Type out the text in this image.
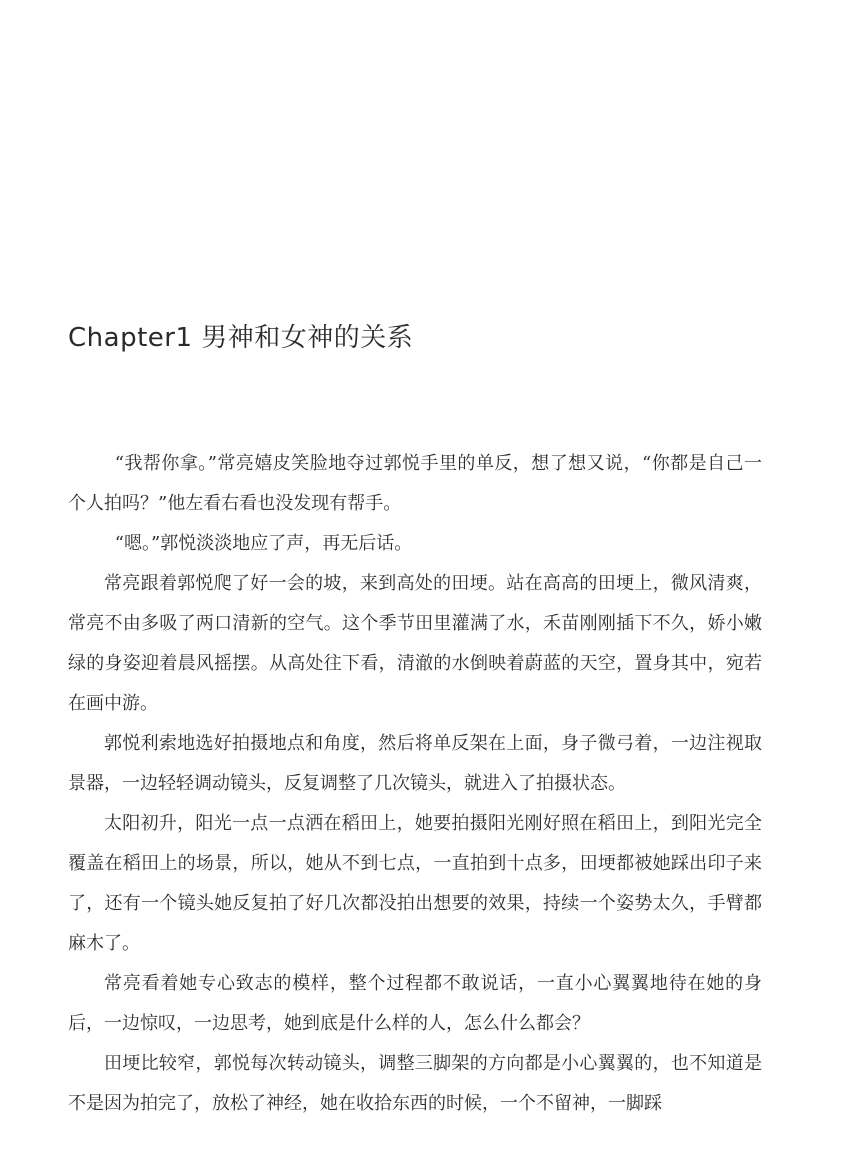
Chapter1 男神和女神的关系

“我帮你拿。”常亮嬉皮笑脸地夺过郭悦手里的单反，想了想又说，“你都是自己一个人拍吗？”他左看右看也没发现有帮手。

“嗯。”郭悦淡淡地应了声，再无后话。

常亮跟着郭悦爬了好一会的坡，来到高处的田埂。站在高高的田埂上，微风清爽，常亮不由多吸了两口清新的空气。这个季节田里灌满了水，禾苗刚刚插下不久，娇小嫩绿的身姿迎着晨风摇摆。从高处往下看，清澈的水倒映着蔚蓝的天空，置身其中，宛若在画中游。

郭悦利索地选好拍摄地点和角度，然后将单反架在上面，身子微弓着，一边注视取景器，一边轻轻调动镜头，反复调整了几次镜头，就进入了拍摄状态。

太阳初升，阳光一点一点洒在稻田上，她要拍摄阳光刚好照在稻田上，到阳光完全覆盖在稻田上的场景，所以，她从不到七点，一直拍到十点多，田埂都被她踩出印子来了，还有一个镜头她反复拍了好几次都没拍出想要的效果，持续一个姿势太久，手臂都麻木了。

常亮看着她专心致志的模样，整个过程都不敢说话，一直小心翼翼地待在她的身后，一边惊叹，一边思考，她到底是什么样的人，怎么什么都会？

田埂比较窄，郭悦每次转动镜头，调整三脚架的方向都是小心翼翼的，也不知道是不是因为拍完了，放松了神经，她在收拾东西的时候，一个不留神，一脚踩
